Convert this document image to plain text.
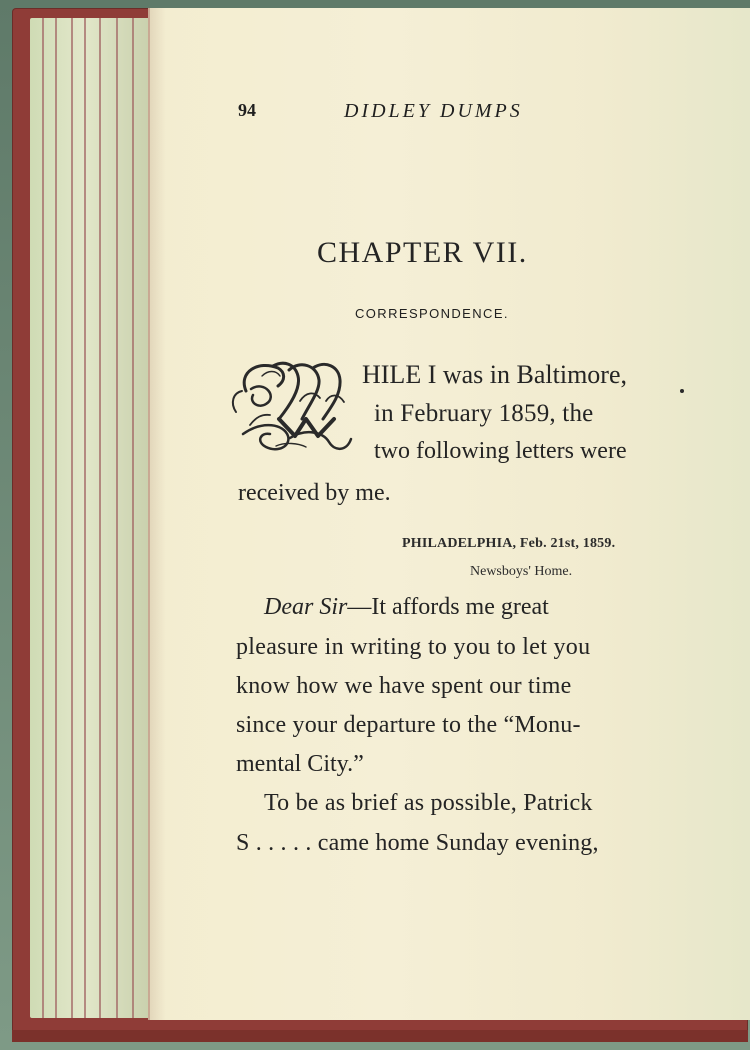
94	DIDLEY DUMPS
CHAPTER VII.
CORRESPONDENCE.
HILE I was in Baltimore,
in February 1859, the
two following letters were
received by me.
PHILADELPHIA, Feb. 21st, 1859.
Newsboys' Home.
Dear Sir—It affords me great
pleasure in writing to you to let you
know how we have spent our time
since your departure to the “Monu-
mental City.”
To be as brief as possible, Patrick
S . . . . . came home Sunday evening,
